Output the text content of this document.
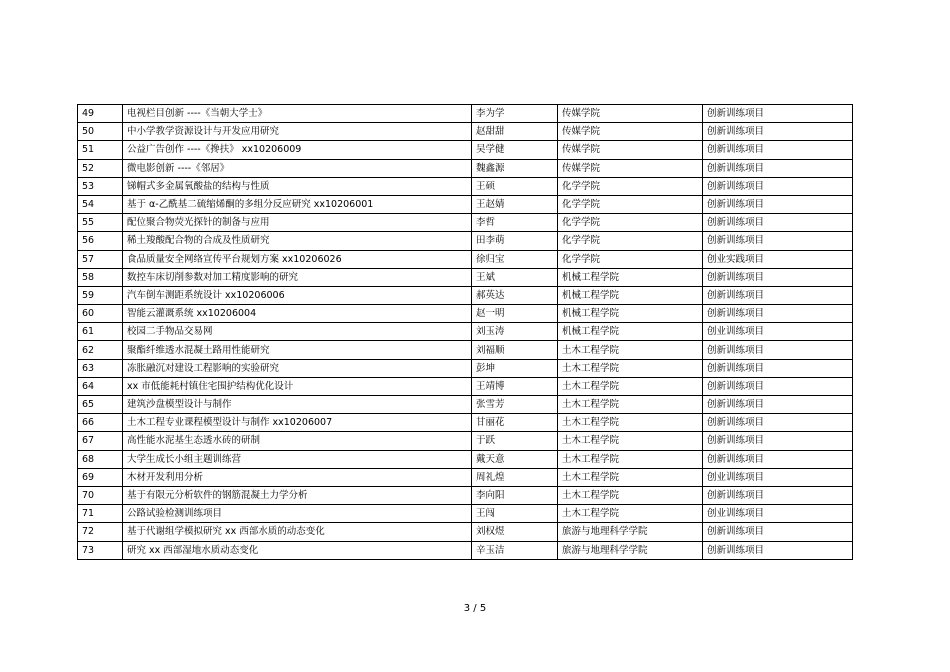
49	电视栏目创新 ----《当朝大学士》	李为学	传媒学院	创新训练项目
50	中小学教学资源设计与开发应用研究	赵甜甜	传媒学院	创新训练项目
51	公益广告创作 ----《搀扶》 xx10206009	吴学健	传媒学院	创新训练项目
52	微电影创新 ----《邻居》	魏鑫源	传媒学院	创新训练项目
53	锑帽式多金属氧酸盐的结构与性质	王硕	化学学院	创新训练项目
54	基于 α-乙酰基二硫缩烯酮的多组分反应研究 xx10206001	王赵婧	化学学院	创新训练项目
55	配位聚合物荧光探针的制备与应用	李哲	化学学院	创新训练项目
56	稀土羧酸配合物的合成及性质研究	田李萌	化学学院	创新训练项目
57	食品质量安全网络宣传平台规划方案 xx10206026	徐归宝	化学学院	创业实践项目
58	数控车床切削参数对加工精度影响的研究	王斌	机械工程学院	创新训练项目
59	汽车倒车测距系统设计 xx10206006	郝英达	机械工程学院	创新训练项目
60	智能云灌溉系统 xx10206004	赵一明	机械工程学院	创新训练项目
61	校园二手物品交易网	刘玉涛	机械工程学院	创业训练项目
62	聚酯纤维透水混凝土路用性能研究	刘福顺	土木工程学院	创新训练项目
63	冻胀融沉对建设工程影响的实验研究	彭坤	土木工程学院	创新训练项目
64	xx 市低能耗村镇住宅围护结构优化设计	王靖博	土木工程学院	创新训练项目
65	建筑沙盘模型设计与制作	张雪芳	土木工程学院	创新训练项目
66	土木工程专业课程模型设计与制作 xx10206007	甘丽花	土木工程学院	创新训练项目
67	高性能水泥基生态透水砖的研制	于跃	土木工程学院	创新训练项目
68	大学生成长小组主题训练营	戴天意	土木工程学院	创新训练项目
69	木材开发利用分析	周礼煌	土木工程学院	创业训练项目
70	基于有限元分析软件的钢筋混凝土力学分析	李向阳	土木工程学院	创新训练项目
71	公路试验检测训练项目	王闯	土木工程学院	创业训练项目
72	基于代谢组学模拟研究 xx 西部水质的动态变化	刘权煜	旅游与地理科学学院	创新训练项目
73	研究 xx 西部湿地水质动态变化	辛玉洁	旅游与地理科学学院	创新训练项目
3 / 5
